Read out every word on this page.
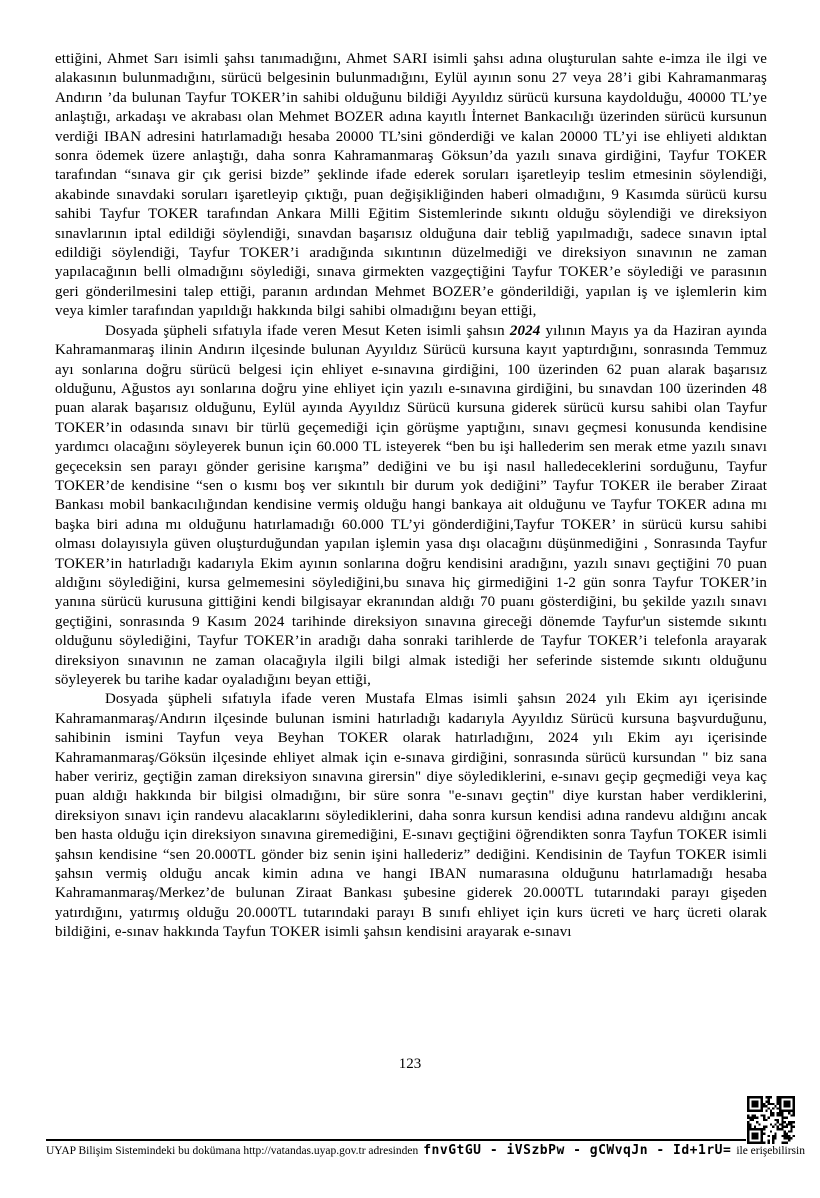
ettiğini, Ahmet Sarı isimli şahsı tanımadığını, Ahmet SARI isimli şahsı adına oluşturulan sahte e-imza ile ilgi ve alakasının bulunmadığını, sürücü belgesinin bulunmadığını, Eylül ayının sonu 27 veya 28’i gibi Kahramanmaraş Andırın ’da bulunan Tayfur TOKER’in sahibi olduğunu bildiği Ayyıldız sürücü kursuna kaydolduğu, 40000 TL’ye anlaştığı, arkadaşı ve akrabası olan Mehmet BOZER adına kayıtlı İnternet Bankacılığı üzerinden sürücü kursunun verdiği IBAN adresini hatırlamadığı hesaba 20000 TL’sini gönderdiği ve kalan 20000 TL’yi ise ehliyeti aldıktan sonra ödemek üzere anlaştığı, daha sonra Kahramanmaraş Göksun’da yazılı sınava girdiğini, Tayfur TOKER tarafından “sınava gir çık gerisi bizde” şeklinde ifade ederek soruları işaretleyip teslim etmesinin söylendiği, akabinde sınavdaki soruları işaretleyip çıktığı, puan değişikliğinden haberi olmadığını, 9 Kasımda sürücü kursu sahibi Tayfur TOKER tarafından Ankara Milli Eğitim Sistemlerinde sıkıntı olduğu söylendiği ve direksiyon sınavlarının iptal edildiği söylendiği, sınavdan başarısız olduğuna dair tebliğ yapılmadığı, sadece sınavın iptal edildiği söylendiği, Tayfur TOKER’i aradığında sıkıntının düzelmediği ve direksiyon sınavının ne zaman yapılacağının belli olmadığını söylediği, sınava girmekten vazgeçtiğini Tayfur TOKER’e söylediği ve parasının geri gönderilmesini talep ettiği, paranın ardından Mehmet BOZER’e gönderildiği, yapılan iş ve işlemlerin kim veya kimler tarafından yapıldığı hakkında bilgi sahibi olmadığını beyan ettiği,

Dosyada şüpheli sıfatıyla ifade veren Mesut Keten isimli şahsın 2024 yılının Mayıs ya da Haziran ayında Kahramanmaraş ilinin Andırın ilçesinde bulunan Ayyıldız Sürücü kursuna kayıt yaptırdığını, sonrasında Temmuz ayı sonlarına doğru sürücü belgesi için ehliyet e-sınavına girdiğini, 100 üzerinden 62 puan alarak başarısız olduğunu, Ağustos ayı sonlarına doğru yine ehliyet için yazılı e-sınavına girdiğini, bu sınavdan 100 üzerinden 48 puan alarak başarısız olduğunu, Eylül ayında Ayyıldız Sürücü kursuna giderek sürücü kursu sahibi olan Tayfur TOKER’in odasında sınavı bir türlü geçemediği için görüşme yaptığını, sınavı geçmesi konusunda kendisine yardımcı olacağını söyleyerek bunun için 60.000 TL isteyerek “ben bu işi hallederim sen merak etme yazılı sınavı geçeceksin sen parayı gönder gerisine karışma” dediğini ve bu işi nasıl halledeceklerini sorduğunu, Tayfur TOKER’de kendisine “sen o kısmı boş ver sıkıntılı bir durum yok dediğini” Tayfur TOKER ile beraber Ziraat Bankası mobil bankacılığından kendisine vermiş olduğu hangi bankaya ait olduğunu ve Tayfur TOKER adına mı başka biri adına mı olduğunu hatırlamadığı 60.000 TL’yi gönderdiğini,Tayfur TOKER’ in sürücü kursu sahibi olması dolayısıyla güven oluşturduğundan yapılan işlemin yasa dışı olacağını düşünmediğini , Sonrasında Tayfur TOKER’in hatırladığı kadarıyla Ekim ayının sonlarına doğru kendisini aradığını, yazılı sınavı geçtiğini 70 puan aldığını söylediğini, kursa gelmemesini söylediğini,bu sınava hiç girmediğini 1-2 gün sonra Tayfur TOKER’in yanına sürücü kurusuna gittiğini kendi bilgisayar ekranından aldığı 70 puanı gösterdiğini, bu şekilde yazılı sınavı geçtiğini, sonrasında 9 Kasım 2024 tarihinde direksiyon sınavına gireceği dönemde Tayfur'un sistemde sıkıntı olduğunu söylediğini, Tayfur TOKER’in aradığı daha sonraki tarihlerde de Tayfur TOKER’i telefonla arayarak direksiyon sınavının ne zaman olacağıyla ilgili bilgi almak istediği her seferinde sistemde sıkıntı olduğunu söyleyerek bu tarihe kadar oyaladığını beyan ettiği,

Dosyada şüpheli sıfatıyla ifade veren Mustafa Elmas isimli şahsın 2024 yılı Ekim ayı içerisinde Kahramanmaraş/Andırın ilçesinde bulunan ismini hatırladığı kadarıyla Ayyıldız Sürücü kursuna başvurduğunu, sahibinin ismini Tayfun veya Beyhan TOKER olarak hatırladığını, 2024 yılı Ekim ayı içerisinde Kahramanmaraş/Göksün ilçesinde ehliyet almak için e-sınava girdiğini, sonrasında sürücü kursundan " biz sana haber veririz, geçtiğin zaman direksiyon sınavına girersin" diye söylediklerini, e-sınavı geçip geçmediği veya kaç puan aldığı hakkında bir bilgisi olmadığını, bir süre sonra "e-sınavı geçtin" diye kurstan haber verdiklerini, direksiyon sınavı için randevu alacaklarını söylediklerini, daha sonra kursun kendisi adına randevu aldığını ancak ben hasta olduğu için direksiyon sınavına giremediğini, E-sınavı geçtiğini öğrendikten sonra Tayfun TOKER isimli şahsın kendisine “sen 20.000TL gönder biz senin işini hallederiz” dediğini. Kendisinin de Tayfun TOKER isimli şahsın vermiş olduğu ancak kimin adına ve hangi IBAN numarasına olduğunu hatırlamadığı hesaba Kahramanmaraş/Merkez’de bulunan Ziraat Bankası şubesine giderek 20.000TL tutarındaki parayı gişeden yatırdığını, yatırmış olduğu 20.000TL tutarındaki parayı B sınıfı ehliyet için kurs ücreti ve harç ücreti olarak bildiğini, e-sınav hakkında Tayfun TOKER isimli şahsın kendisini arayarak e-sınavı

123
UYAP Bilişim Sistemindeki bu dokümana http://vatandas.uyap.gov.tr adresinden fnvGtGU - iVSzbPw - gCWvqJn - Id+1rU= ile erişebilirsin
